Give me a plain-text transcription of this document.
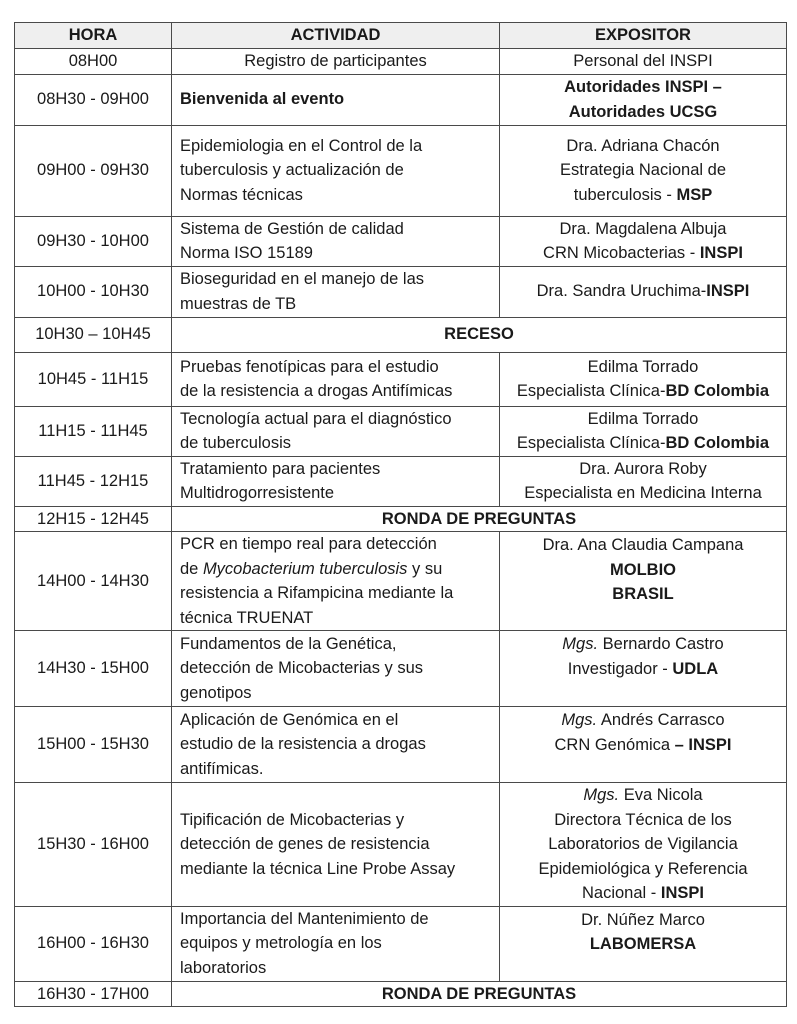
HORA	ACTIVIDAD	EXPOSITOR
08H00	Registro de participantes	Personal del INSPI

08H30 - 09H00	Bienvenida al evento	Autoridades INSPI –
Autoridades UCSG

09H00 - 09H30	Epidemiologia en el Control de la
tuberculosis y actualización de
Normas técnicas	Dra. Adriana Chacón
Estrategia Nacional de
tuberculosis - MSP

09H30 - 10H00	Sistema de Gestión de calidad
Norma ISO 15189	Dra. Magdalena Albuja
CRN Micobacterias - INSPI

10H00 - 10H30	Bioseguridad en el manejo de las
muestras de TB	Dra. Sandra Uruchima-INSPI

10H30 – 10H45	RECESO	
10H45 - 11H15	Pruebas fenotípicas para el estudio
de la resistencia a drogas Antifímicas	Edilma Torrado
Especialista Clínica-BD Colombia

11H15 - 11H45	Tecnología actual para el diagnóstico
de tuberculosis	Edilma Torrado
Especialista Clínica-BD Colombia

11H45 - 12H15	Tratamiento para pacientes
Multidrogorresistente	Dra. Aurora Roby
Especialista en Medicina Interna

12H15 - 12H45	RONDA DE PREGUNTAS	
14H00 - 14H30	PCR en tiempo real para detección
de Mycobacterium tuberculosis y su
resistencia a Rifampicina mediante la
técnica TRUENAT	Dra. Ana Claudia Campana
MOLBIO
BRASIL

14H30 - 15H00	Fundamentos de la Genética,
detección de Micobacterias y sus
genotipos	Mgs. Bernardo Castro
Investigador - UDLA

15H00 - 15H30	Aplicación de Genómica en el
estudio de la resistencia a drogas
antifímicas.	Mgs. Andrés Carrasco
CRN Genómica – INSPI

15H30 - 16H00	Tipificación de Micobacterias y
detección de genes de resistencia
mediante la técnica Line Probe Assay	Mgs. Eva Nicola
Directora Técnica de los
Laboratorios de Vigilancia
Epidemiológica y Referencia
Nacional - INSPI

16H00 - 16H30	Importancia del Mantenimiento de
equipos y metrología en los
laboratorios	Dr. Núñez Marco
LABOMERSA

16H30 - 17H00	RONDA DE PREGUNTAS	
